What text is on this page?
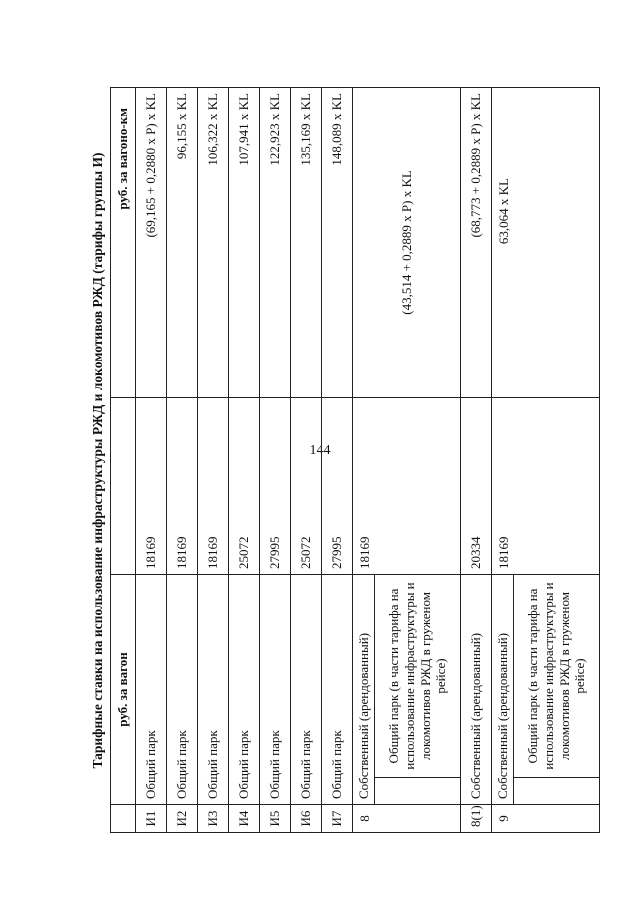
144
Тарифные ставки на использование инфраструктуры РЖД и локомотивов РЖД (тарифы группы И)
	руб. за вагон			руб. за вагоно-км
И1	Общий парк		18169	(69,165 + 0,2880 x P) x KL
И2	Общий парк		18169	96,155 x KL
И3	Общий парк		18169	106,322 x KL
И4	Общий парк		25072	107,941 x KL
И5	Общий парк		27995	122,923 x KL
И6	Общий парк		25072	135,169 x KL
И7	Общий парк		27995	148,089 x KL
8	Собственный (арендованный)		18169	(43,514 + 0,2889 x P) x KL
		Общий парк (в части тарифа на использование инфраструктуры и локомотивов РЖД в груженом рейсе)		
8(1)	Собственный (арендованный)		20334	(68,773 + 0,2889 x P) x KL
9	Собственный (арендованный)		18169	63,064 x KL
		Общий парк (в части тарифа на использование инфраструктуры и локомотивов РЖД в груженом рейсе)		
